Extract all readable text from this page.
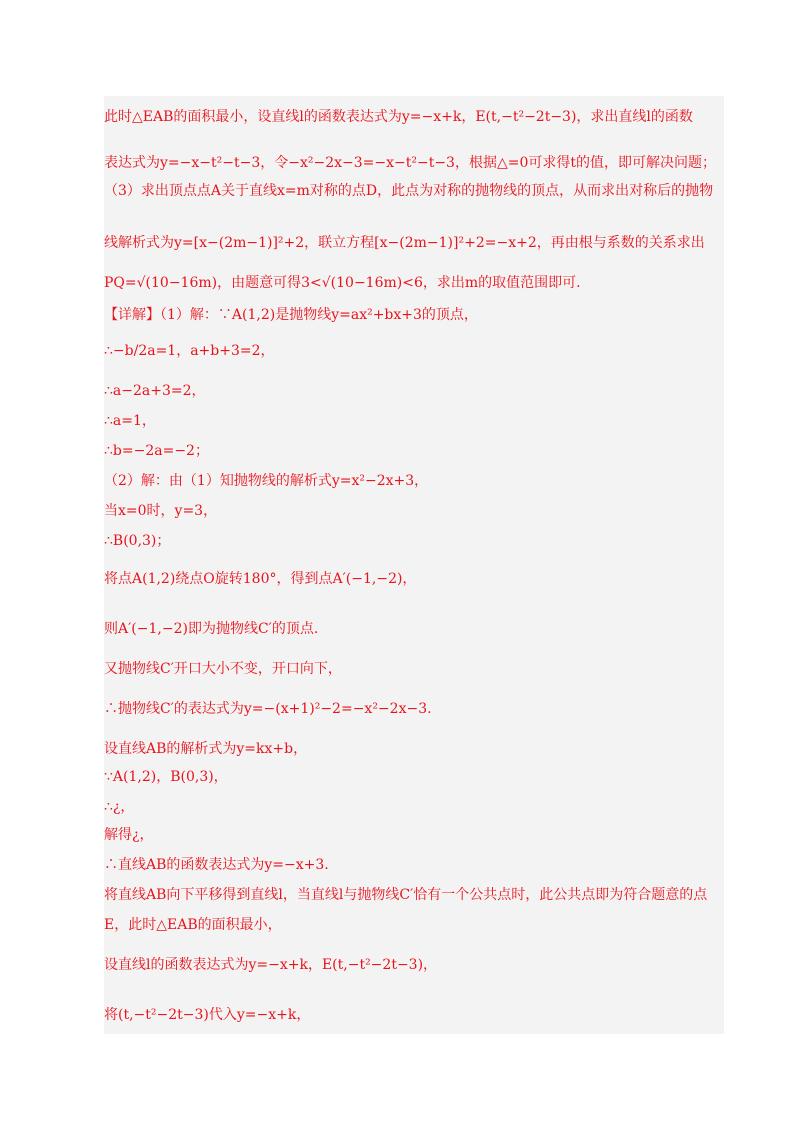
此时△EAB的面积最小，设直线l的函数表达式为y=−x+k，E(t,−t²−2t−3)，求出直线l的函数
表达式为y=−x−t²−t−3，令−x²−2x−3=−x−t²−t−3，根据△=0可求得t的值，即可解决问题；
（3）求出顶点点A关于直线x=m对称的点D，此点为对称的抛物线的顶点，从而求出对称后的抛物
线解析式为y=[x−(2m−1)]²+2，联立方程[x−(2m−1)]²+2=−x+2，再由根与系数的关系求出
PQ=√(10−16m)，由题意可得3<√(10−16m)<6，求出m的取值范围即可.
【详解】（1）解：∵A(1,2)是抛物线y=ax²+bx+3的顶点，
∴−b/2a=1，a+b+3=2，
∴a−2a+3=2，
∴a=1，
∴b=−2a=−2；
（2）解：由（1）知抛物线的解析式y=x²−2x+3，
当x=0时，y=3，
∴B(0,3)；
将点A(1,2)绕点O旋转180°，得到点A′(−1,−2)，
则A′(−1,−2)即为抛物线C′的顶点.
又抛物线C′开口大小不变，开口向下，
∴抛物线C′的表达式为y=−(x+1)²−2=−x²−2x−3.
设直线AB的解析式为y=kx+b，
∵A(1,2)，B(0,3)，
∴¿，
解得¿，
∴直线AB的函数表达式为y=−x+3.
将直线AB向下平移得到直线l，当直线l与抛物线C′恰有一个公共点时，此公共点即为符合题意的点
E，此时△EAB的面积最小，
设直线l的函数表达式为y=−x+k，E(t,−t²−2t−3)，
将(t,−t²−2t−3)代入y=−x+k，
